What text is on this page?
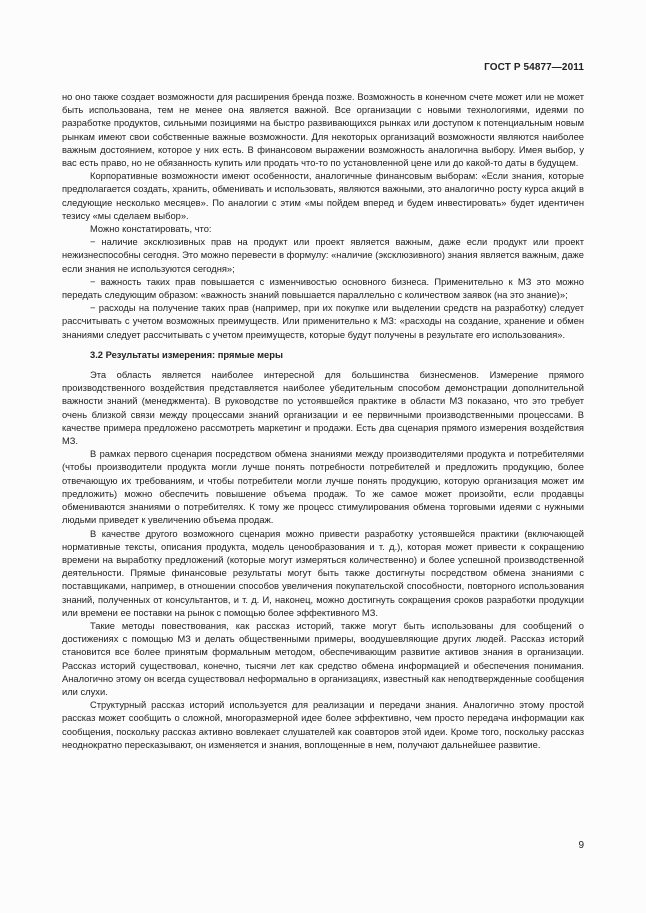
ГОСТ Р 54877—2011

но оно также создает возможности для расширения бренда позже. Возможность в конечном счете может или не может быть использована, тем не менее она является важной. Все организации с новыми технологиями, идеями по разработке продуктов, сильными позициями на быстро развивающихся рынках или доступом к потенциальным новым рынкам имеют свои собственные важные возможности. Для некоторых организаций возможности являются наиболее важным достоянием, которое у них есть. В финансовом выражении возможность аналогична выбору. Имея выбор, у вас есть право, но не обязанность купить или продать что-то по установленной цене или до какой-то даты в будущем.

Корпоративные возможности имеют особенности, аналогичные финансовым выборам: «Если знания, которые предполагается создать, хранить, обменивать и использовать, являются важными, это аналогично росту курса акций в следующие несколько месяцев». По аналогии с этим «мы пойдем вперед и будем инвестировать» будет идентичен тезису «мы сделаем выбор».

Можно констатировать, что:

− наличие эксклюзивных прав на продукт или проект является важным, даже если продукт или проект нежизнеспособны сегодня. Это можно перевести в формулу: «наличие (эксклюзивного) знания является важным, даже если знания не используются сегодня»;

− важность таких прав повышается с изменчивостью основного бизнеса. Применительно к МЗ это можно передать следующим образом: «важность знаний повышается параллельно с количеством заявок (на это знание)»;

− расходы на получение таких прав (например, при их покупке или выделении средств на разработку) следует рассчитывать с учетом возможных преимуществ. Или применительно к МЗ: «расходы на создание, хранение и обмен знаниями следует рассчитывать с учетом преимуществ, которые будут получены в результате его использования».

3.2 Результаты измерения: прямые меры

Эта область является наиболее интересной для большинства бизнесменов. Измерение прямого производственного воздействия представляется наиболее убедительным способом демонстрации дополнительной важности знаний (менеджмента). В руководстве по устоявшейся практике в области МЗ показано, что это требует очень близкой связи между процессами знаний организации и ее первичными производственными процессами. В качестве примера предложено рассмотреть маркетинг и продажи. Есть два сценария прямого измерения воздействия МЗ.

В рамках первого сценария посредством обмена знаниями между производителями продукта и потребителями (чтобы производители продукта могли лучше понять потребности потребителей и предложить продукцию, более отвечающую их требованиям, и чтобы потребители могли лучше понять продукцию, которую организация может им предложить) можно обеспечить повышение объема продаж. То же самое может произойти, если продавцы обмениваются знаниями о потребителях. К тому же процесс стимулирования обмена торговыми идеями с нужными людьми приведет к увеличению объема продаж.

В качестве другого возможного сценария можно привести разработку устоявшейся практики (включающей нормативные тексты, описания продукта, модель ценообразования и т. д.), которая может привести к сокращению времени на выработку предложений (которые могут измеряться количественно) и более успешной производственной деятельности. Прямые финансовые результаты могут быть также достигнуты посредством обмена знаниями с поставщиками, например, в отношении способов увеличения покупательской способности, повторного использования знаний, полученных от консультантов, и т. д. И, наконец, можно достигнуть сокращения сроков разработки продукции или времени ее поставки на рынок с помощью более эффективного МЗ.

Такие методы повествования, как рассказ историй, также могут быть использованы для сообщений о достижениях с помощью МЗ и делать общественными примеры, воодушевляющие других людей. Рассказ историй становится все более принятым формальным методом, обеспечивающим развитие активов знания в организации. Рассказ историй существовал, конечно, тысячи лет как средство обмена информацией и обеспечения понимания. Аналогично этому он всегда существовал неформально в организациях, известный как неподтвержденные сообщения или слухи.

Структурный рассказ историй используется для реализации и передачи знания. Аналогично этому простой рассказ может сообщить о сложной, многоразмерной идее более эффективно, чем просто передача информации как сообщения, поскольку рассказ активно вовлекает слушателей как соавторов этой идеи. Кроме того, поскольку рассказ неоднократно пересказывают, он изменяется и знания, воплощенные в нем, получают дальнейшее развитие.

9
